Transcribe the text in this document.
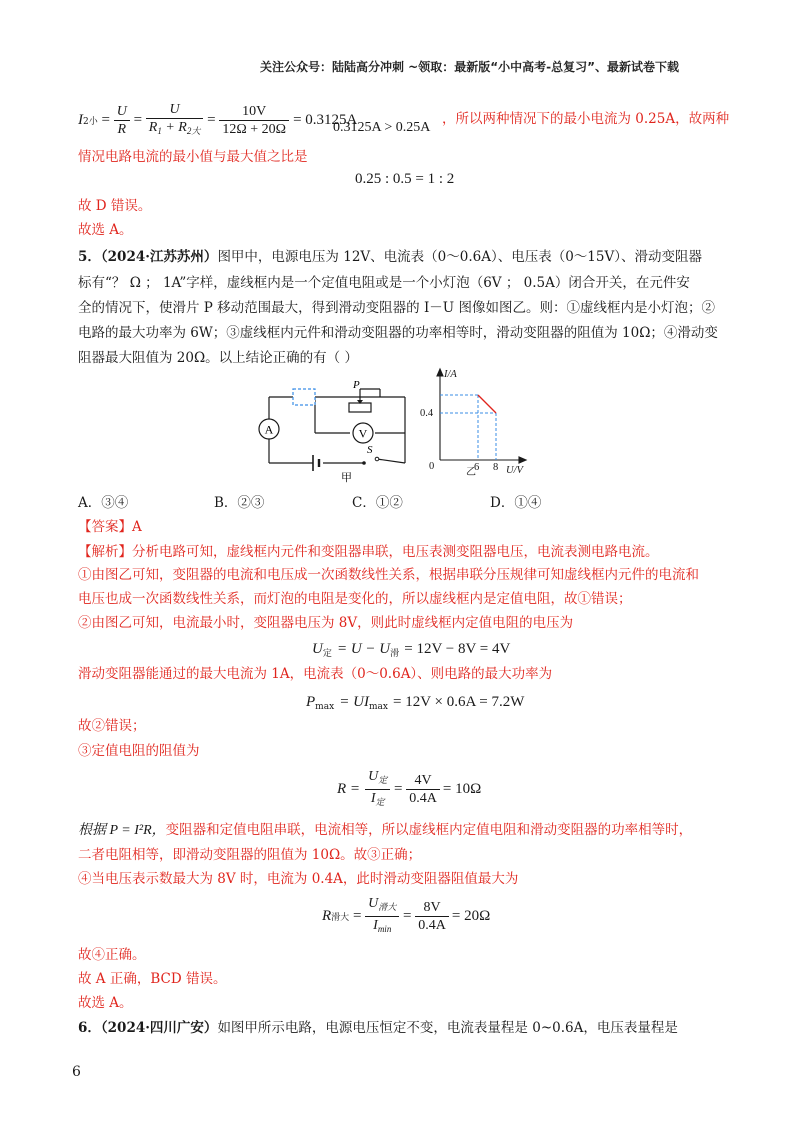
关注公众号：陆陆高分冲刺 ~领取：最新版“小中高考-总复习”、最新试卷下载
I 2小 = $\frac{U}{R} = \frac{U}{R_1 + R_{2大}} = \frac{10V}{12\Omega + 20\Omega} = 0.3125A$
0.3125A > 0.25A
，所以两种情况下的最小电流为 0.25A，故两种
情况电路电流的最小值与最大值之比是
0.25 : 0.5 = 1 : 2
故 D 错误。
故选 A。
5．（2024·江苏苏州）图甲中，电源电压为 12V、电流表（0～0.6A）、电压表（0～15V）、滑动变阻器
标有“？ Ω ； 1A”字样，虚线框内是一个定值电阻或是一个小灯泡（6V ； 0.5A）闭合开关，在元件安
全的情况下，使滑片 P 移动范围最大，得到滑动变阻器的 I－U 图像如图乙。则：①虚线框内是小灯泡；②
电路的最大功率为 6W；③虚线框内元件和滑动变阻器的功率相等时，滑动变阻器的阻值为 10Ω；④滑动变
阻器最大阻值为 20Ω。以上结论正确的有（ ）
A	V
P
S
甲
I/A
U/V
0
0.4
6 8
乙
A．③④	B．②③	C．①②	D．①④
【答案】A
【解析】分析电路可知，虚线框内元件和变阻器串联，电压表测变阻器电压，电流表测电路电流。
①由图乙可知，变阻器的电流和电压成一次函数线性关系，根据串联分压规律可知虚线框内元件的电流和
电压也成一次函数线性关系，而灯泡的电阻是变化的，所以虚线框内是定值电阻，故①错误；
②由图乙可知，电流最小时，变阻器电压为 8V，则此时虚线框内定值电阻的电压为
$U_定 = U - U_滑 = 12V - 8V = 4V$
滑动变阻器能通过的最大电流为 1A，电流表（0～0.6A）、则电路的最大功率为
$P_{max} = UI_{max} = 12V \times 0.6A = 7.2W$
故②错误；
③定值电阻的阻值为
R =
$\frac{U_定}{I_定} = \frac{4V}{0.4A} = 10\Omega$
根据 P = I²R，变阻器和定值电阻串联，电流相等，所以虚线框内定值电阻和滑动变阻器的功率相等时，
二者电阻相等，即滑动变阻器的阻值为 10Ω。故③正确；
④当电压表示数最大为 8V 时，电流为 0.4A，此时滑动变阻器阻值最大为
R 滑大 = $\frac{U_{滑大}}{I_{min}} = \frac{8V}{0.4A} = 20\Omega$
故④正确。
故 A 正确，BCD 错误。
故选 A。
6．（2024·四川广安）如图甲所示电路，电源电压恒定不变，电流表量程是 0~0.6A，电压表量程是
6
